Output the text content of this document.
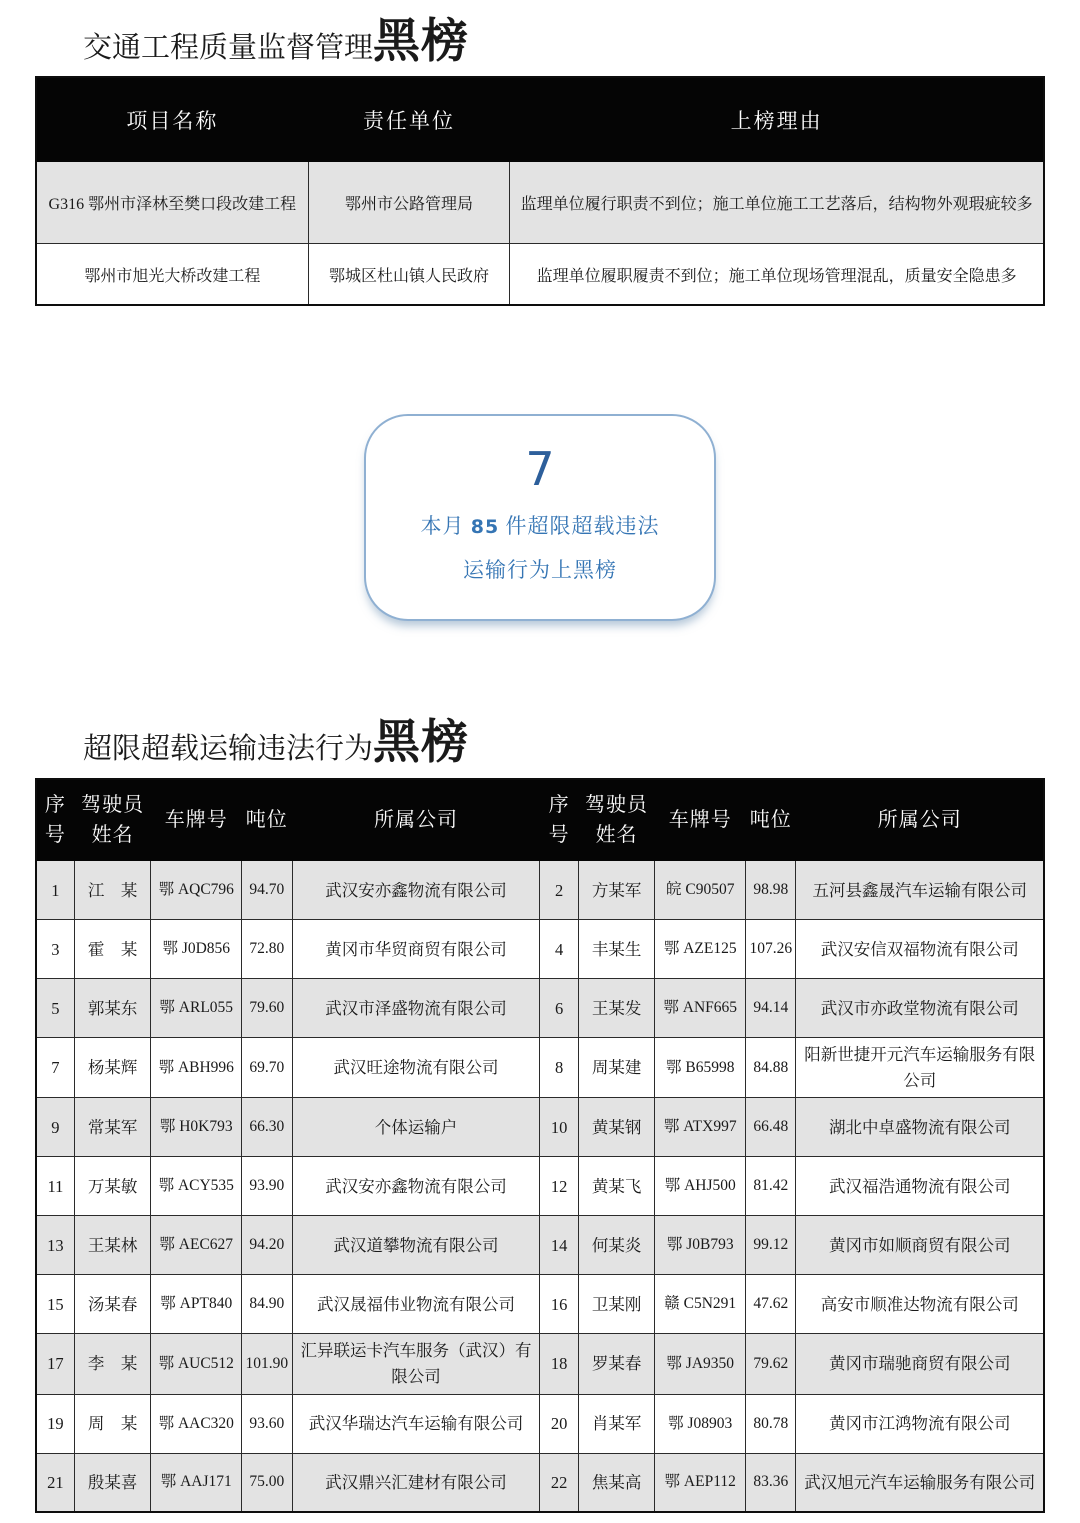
交通工程质量监督管理黑榜
项目名称	责任单位	上榜理由
G316 鄂州市泽林至樊口段改建工程	鄂州市公路管理局	监理单位履行职责不到位；施工单位施工工艺落后，结构物外观瑕疵较多
鄂州市旭光大桥改建工程	鄂城区杜山镇人民政府	监理单位履职履责不到位；施工单位现场管理混乱，质量安全隐患多
7
本月 85 件超限超载违法
运输行为上黑榜
超限超载运输违法行为黑榜
序号	驾驶员姓名	车牌号	吨位	所属公司	序号	驾驶员姓名	车牌号	吨位	所属公司
1	江　某	鄂 AQC796	94.70	武汉安亦鑫物流有限公司	2	方某军	皖 C90507	98.98	五河县鑫晟汽车运输有限公司
3	霍　某	鄂 J0D856	72.80	黄冈市华贸商贸有限公司	4	丰某生	鄂 AZE125	107.26	武汉安信双福物流有限公司
5	郭某东	鄂 ARL055	79.60	武汉市泽盛物流有限公司	6	王某发	鄂 ANF665	94.14	武汉市亦政堂物流有限公司
7	杨某辉	鄂 ABH996	69.70	武汉旺途物流有限公司	8	周某建	鄂 B65998	84.88	阳新世捷开元汽车运输服务有限公司
9	常某军	鄂 H0K793	66.30	个体运输户	10	黄某钢	鄂 ATX997	66.48	湖北中卓盛物流有限公司
11	万某敏	鄂 ACY535	93.90	武汉安亦鑫物流有限公司	12	黄某飞	鄂 AHJ500	81.42	武汉福浩通物流有限公司
13	王某林	鄂 AEC627	94.20	武汉道攀物流有限公司	14	何某炎	鄂 J0B793	99.12	黄冈市如顺商贸有限公司
15	汤某春	鄂 APT840	84.90	武汉晟福伟业物流有限公司	16	卫某刚	赣 C5N291	47.62	高安市顺准达物流有限公司
17	李　某	鄂 AUC512	101.90	汇异联运卡汽车服务（武汉）有限公司	18	罗某春	鄂 JA9350	79.62	黄冈市瑞驰商贸有限公司
19	周　某	鄂 AAC320	93.60	武汉华瑞达汽车运输有限公司	20	肖某军	鄂 J08903	80.78	黄冈市江鸿物流有限公司
21	殷某喜	鄂 AAJ171	75.00	武汉鼎兴汇建材有限公司	22	焦某高	鄂 AEP112	83.36	武汉旭元汽车运输服务有限公司
